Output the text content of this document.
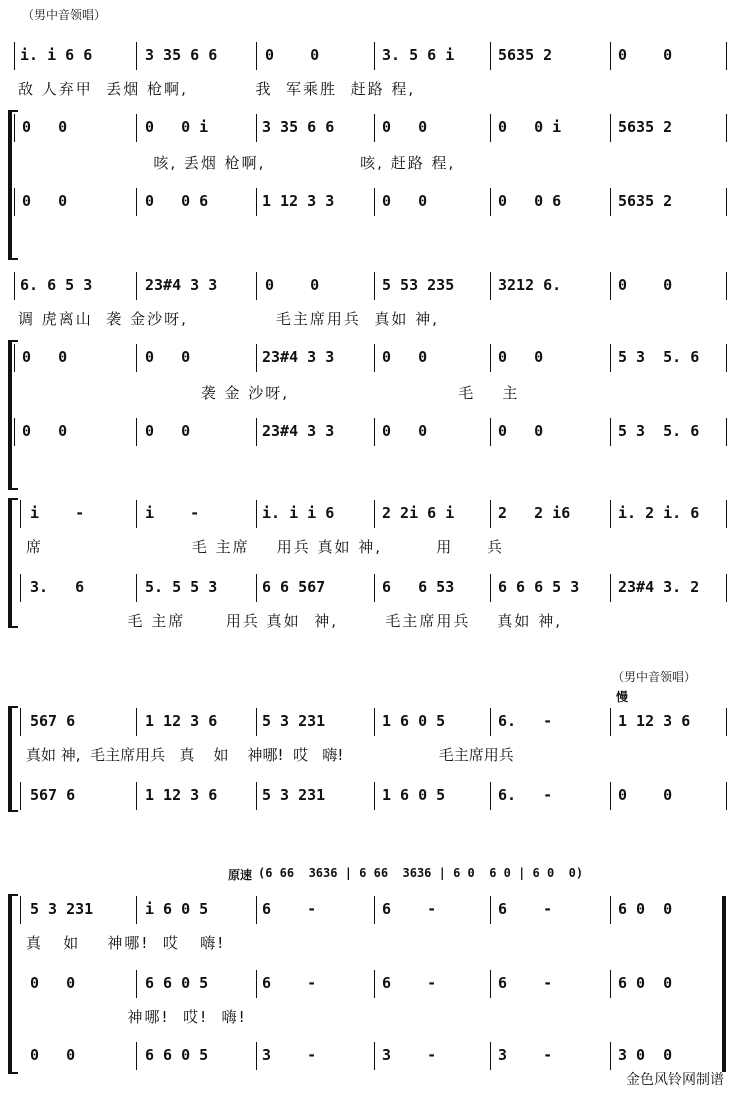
（男中音领唱）
i. i 6 6	3 35 6 6	0    0	3. 5 6 i	5635 2	0    0
敌 人弃甲  丢烟 枪啊,          我  军乘胜  赶路 程,
0   0	0   0 i	3 35 6 6	0   0	0   0 i	5635 2
咳, 丢烟 枪啊,              咳, 赶路 程,
0   0	0   0 6	1 12 3 3	0   0	0   0 6	5635 2
6. 6 5 3	23#4 3 3	0    0	5 53 235	3212 6.	0    0
调 虎离山  袭 金沙呀,             毛主席用兵  真如 神,
0   0	0   0	23#4 3 3	0   0	0   0	5 3  5. 6
袭 金 沙呀,                         毛    主
0   0	0   0	23#4 3 3	0   0	0   0	5 3  5. 6
i    -	i    -	i. i i 6	2 2i 6 i	2   2 i6	i. 2 i. 6
席                      毛 主席    用兵 真如 神,        用     兵
3.   6	5. 5 5 3	6 6 567	6   6 53	6 6 6 5 3	23#4 3. 2
毛 主席      用兵 真如  神,       毛主席用兵    真如 神,
（男中音领唱）
慢
567 6	1 12 3 6	5 3 231	1 6 0 5	6.   -	1 12 3 6
真如 神,  毛主席用兵   真    如    神哪!  哎   嗨!                    毛主席用兵
567 6	1 12 3 6	5 3 231	1 6 0 5	6.   -	0    0
原速 (6 66  3636 | 6 66  3636 | 6 0  6 0 | 6 0  0)
5 3 231	i 6 0 5	6    -	6    -	6    -	6 0  0
真   如    神哪!  哎   嗨!
0   0	6 6 0 5	6    -	6    -	6    -	6 0  0
神哪!  哎!  嗨!
0   0	6 6 0 5	3    -	3    -	3    -	3 0  0
金色风铃网制谱
